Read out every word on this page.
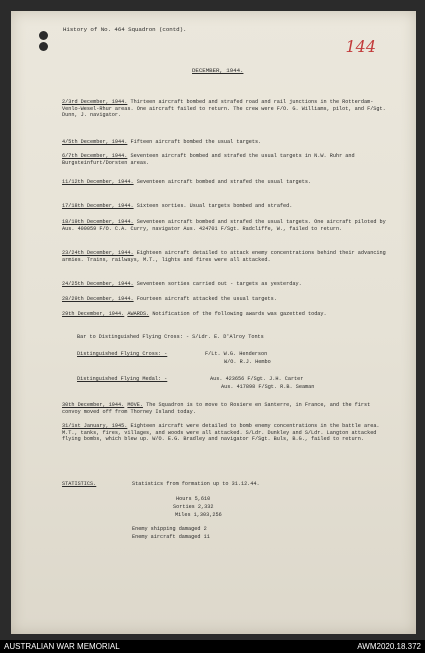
History of No. 464 Squadron (contd).
144
DECEMBER, 1944.
2/3rd December, 1944. Thirteen aircraft bombed and strafed road and rail junctions in the Rotterdam-Venlo-Wesel-Rhur areas. One aircraft failed to return. The crew were F/O. G. Williams, pilot, and F/Sgt. Dunn, J. navigator.
4/5th December, 1944. Fifteen aircraft bombed the usual targets.
6/7th December, 1944. Seventeen aircraft bombed and strafed the usual targets in N.W. Ruhr and Burgsteinfurt/Dorsten areas.
11/12th December, 1944. Seventeen aircraft bombed and strafed the usual targets.
17/18th December, 1944. Sixteen sorties. Usual targets bombed and strafed.
18/19th December, 1944. Seventeen aircraft bombed and strafed the usual targets. One aircraft piloted by Aus. 400059 F/O. C.A. Curry, navigator Aus. 424701 F/Sgt. Radcliffe, W., failed to return.
23/24th December, 1944. Eighteen aircraft detailed to attack enemy concentrations behind their advancing armies. Trains, railways, M.T., lights and fires were all attacked.
24/25th December, 1944. Seventeen sorties carried out - targets as yesterday.
28/29th December, 1944. Fourteen aircraft attacked the usual targets.
29th December, 1944. AWARDS. Notification of the following awards was gazetted today.
Bar to Distinguished Flying Cross: - S/Ldr. E. D'Alroy Tonts
Distinguished Flying Cross: -	F/Lt. W.G. Henderson
W/O. R.J. Hembo
Distinguished Flying Medal: -	Aus. 423656 F/Sgt. J.H. Carter
Aus. 417898 F/Sgt. R.B. Seaman
30th December, 1944. MOVE. The Squadron is to move to Rosiere en Santerre, in France, and the first convoy moved off from Thorney Island today.
31/1st January, 1945. Eighteen aircraft were detailed to bomb enemy concentrations in the battle area. M.T., tanks, fires, villages, and woods were all attacked. S/Ldr. Dunkley and S/Ldr. Langton attacked flying bombs, which blew up. W/O. E.G. Bradley and navigator F/Sgt. Buls, B.G., failed to return.
STATISTICS.	Statistics from formation up to 31.12.44.
Hours 5,610
Sorties 2,332
Miles 1,303,256
Enemy shipping damaged 2
Enemy aircraft damaged 11
AUSTRALIAN WAR MEMORIAL	AWM2020.18.372
